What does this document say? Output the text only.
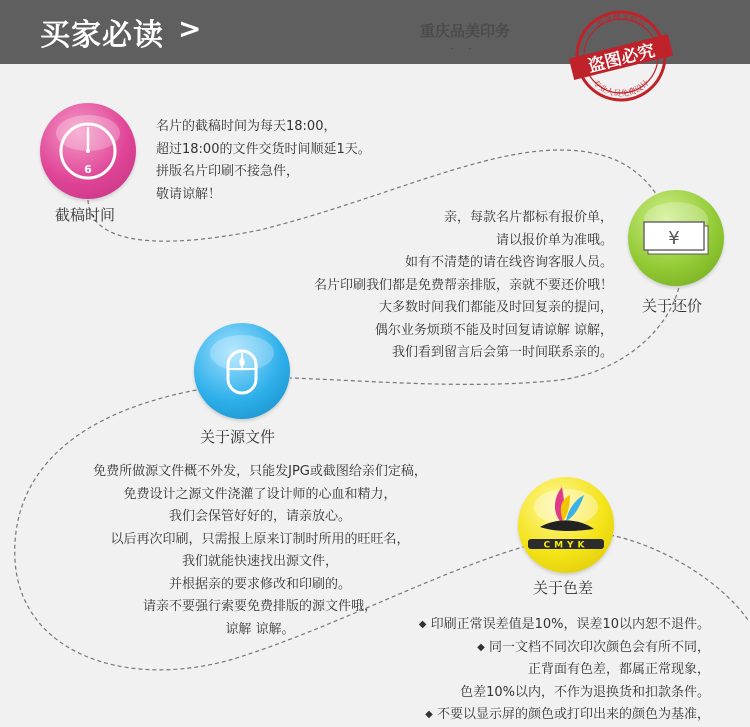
买家必读 >	重庆品美印务
· ·
海量精美模版
专业人员免费设计
盗图必究
6
截稿时间
名片的截稿时间为每天18:00，
超过18:00的文件交货时间顺延1天。
拼版名片印刷不接急件，
敬请谅解！
¥
关于还价
亲，每款名片都标有报价单，
请以报价单为准哦。
如有不清楚的请在线咨询客服人员。
名片印刷我们都是免费帮亲排版，亲就不要还价哦！
大多数时间我们都能及时回复亲的提问，
偶尔业务烦琐不能及时回复请谅解 谅解，
我们看到留言后会第一时间联系亲的。
关于源文件
免费所做源文件概不外发，只能发JPG或截图给亲们定稿，
免费设计之源文件浇灌了设计师的心血和精力，
我们会保管好好的，请亲放心。
以后再次印刷，只需报上原来订制时所用的旺旺名，
我们就能快速找出源文件，
并根据亲的要求修改和印刷的。
请亲不要强行索要免费排版的源文件哦，
谅解 谅解。
CMYK
关于色差
◆ 印刷正常误差值是10%，误差10以内恕不退件。
◆ 同一文档不同次印次颜色会有所不同，
正背面有色差，都属正常现象，
色差10%以内，不作为退换货和扣款条件。
◆ 不要以显示屏的颜色或打印出来的颜色为基准，
